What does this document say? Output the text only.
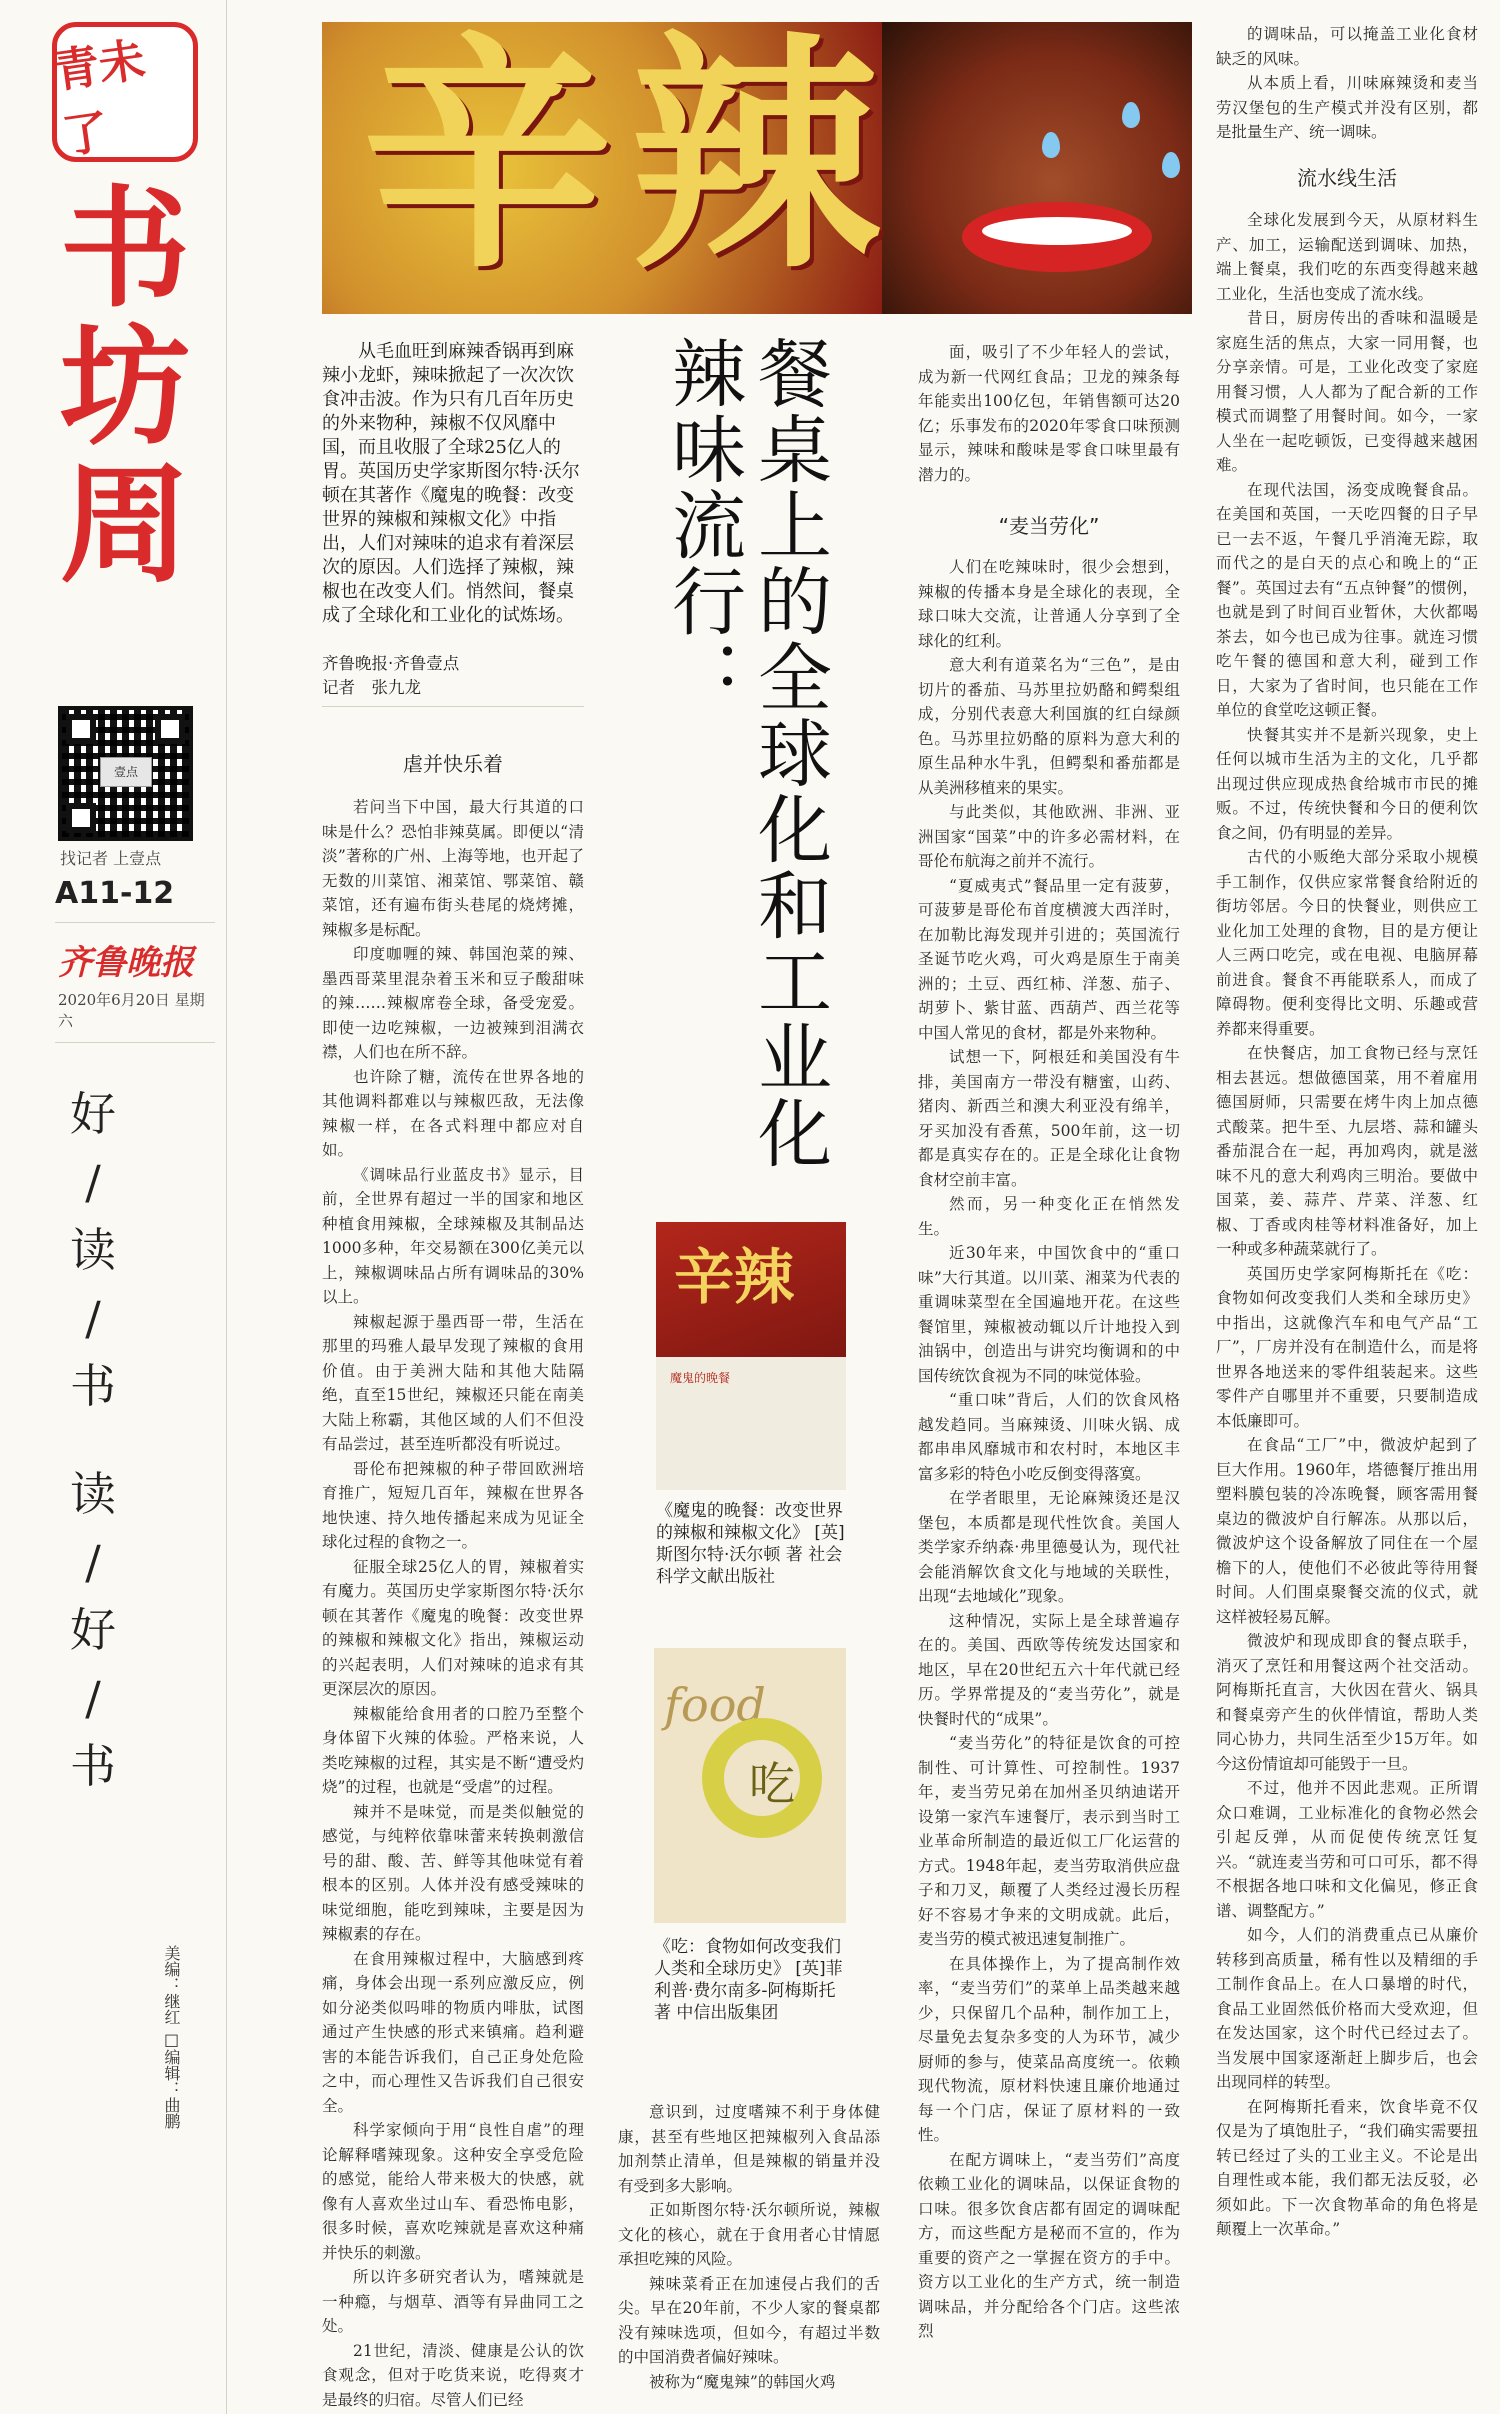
青未了
书
坊
周
壹点
找记者 上壹点
A11-12
齐鲁晚报
2020年6月20日 星期六
好
/
读
/
书
读
/
好
/
书
美编：继红 □编辑：曲鹏
辛辣

从毛血旺到麻辣香锅再到麻辣小龙虾，辣味掀起了一次次饮食冲击波。作为只有几百年历史的外来物种，辣椒不仅风靡中国，而且收服了全球25亿人的胃。英国历史学家斯图尔特·沃尔顿在其著作《魔鬼的晚餐：改变世界的辣椒和辣椒文化》中指出，人们对辣味的追求有着深层次的原因。人们选择了辣椒，辣椒也在改变人们。悄然间，餐桌成了全球化和工业化的试炼场。

齐鲁晚报·齐鲁壹点
记者　张九龙	餐桌上的全球化和工业化
辣味流行：
虐并快乐着

若问当下中国，最大行其道的口味是什么？恐怕非辣莫属。即便以“清淡”著称的广州、上海等地，也开起了无数的川菜馆、湘菜馆、鄂菜馆、赣菜馆，还有遍布街头巷尾的烧烤摊，辣椒多是标配。

印度咖喱的辣、韩国泡菜的辣、墨西哥菜里混杂着玉米和豆子酸甜味的辣……辣椒席卷全球，备受宠爱。即使一边吃辣椒，一边被辣到泪满衣襟，人们也在所不辞。

也许除了糖，流传在世界各地的其他调料都难以与辣椒匹敌，无法像辣椒一样，在各式料理中都应对自如。

《调味品行业蓝皮书》显示，目前，全世界有超过一半的国家和地区种植食用辣椒，全球辣椒及其制品达1000多种，年交易额在300亿美元以上，辣椒调味品占所有调味品的30%以上。

辣椒起源于墨西哥一带，生活在那里的玛雅人最早发现了辣椒的食用价值。由于美洲大陆和其他大陆隔绝，直至15世纪，辣椒还只能在南美大陆上称霸，其他区域的人们不但没有品尝过，甚至连听都没有听说过。

哥伦布把辣椒的种子带回欧洲培育推广，短短几百年，辣椒在世界各地快速、持久地传播起来成为见证全球化过程的食物之一。

征服全球25亿人的胃，辣椒着实有魔力。英国历史学家斯图尔特·沃尔顿在其著作《魔鬼的晚餐：改变世界的辣椒和辣椒文化》指出，辣椒运动的兴起表明，人们对辣味的追求有其更深层次的原因。

辣椒能给食用者的口腔乃至整个身体留下火辣的体验。严格来说，人类吃辣椒的过程，其实是不断“遭受灼烧”的过程，也就是“受虐”的过程。

辣并不是味觉，而是类似触觉的感觉，与纯粹依靠味蕾来转换刺激信号的甜、酸、苦、鲜等其他味觉有着根本的区别。人体并没有感受辣味的味觉细胞，能吃到辣味，主要是因为辣椒素的存在。

在食用辣椒过程中，大脑感到疼痛，身体会出现一系列应激反应，例如分泌类似吗啡的物质内啡肽，试图通过产生快感的形式来镇痛。趋利避害的本能告诉我们，自己正身处危险之中，而心理性又告诉我们自己很安全。

科学家倾向于用“良性自虐”的理论解释嗜辣现象。这种安全享受危险的感觉，能给人带来极大的快感，就像有人喜欢坐过山车、看恐怖电影，很多时候，喜欢吃辣就是喜欢这种痛并快乐的刺激。

所以许多研究者认为，嗜辣就是一种瘾，与烟草、酒等有异曲同工之处。

21世纪，清淡、健康是公认的饮食观念，但对于吃货来说，吃得爽才是最终的归宿。尽管人们已经

辛辣
魔鬼的晚餐
《魔鬼的晚餐：改变世界的辣椒和辣椒文化》 [英]斯图尔特·沃尔顿 著 社会科学文献出版社
food
吃
《吃：食物如何改变我们人类和全球历史》 [英]菲利普·费尔南多-阿梅斯托 著 中信出版集团

意识到，过度嗜辣不利于身体健康，甚至有些地区把辣椒列入食品添加剂禁止清单，但是辣椒的销量并没有受到多大影响。

正如斯图尔特·沃尔顿所说，辣椒文化的核心，就在于食用者心甘情愿承担吃辣的风险。

辣味菜肴正在加速侵占我们的舌尖。早在20年前，不少人家的餐桌都没有辣味选项，但如今，有超过半数的中国消费者偏好辣味。

被称为“魔鬼辣”的韩国火鸡

面，吸引了不少年轻人的尝试，成为新一代网红食品；卫龙的辣条每年能卖出100亿包，年销售额可达20亿；乐事发布的2020年零食口味预测显示，辣味和酸味是零食口味里最有潜力的。

“麦当劳化”

人们在吃辣味时，很少会想到，辣椒的传播本身是全球化的表现，全球口味大交流，让普通人分享到了全球化的红利。

意大利有道菜名为“三色”，是由切片的番茄、马苏里拉奶酪和鳄梨组成，分别代表意大利国旗的红白绿颜色。马苏里拉奶酪的原料为意大利的原生品种水牛乳，但鳄梨和番茄都是从美洲移植来的果实。

与此类似，其他欧洲、非洲、亚洲国家“国菜”中的许多必需材料，在哥伦布航海之前并不流行。

“夏威夷式”餐品里一定有菠萝，可菠萝是哥伦布首度横渡大西洋时，在加勒比海发现并引进的；英国流行圣诞节吃火鸡，可火鸡是原生于南美洲的；土豆、西红柿、洋葱、茄子、胡萝卜、紫甘蓝、西葫芦、西兰花等中国人常见的食材，都是外来物种。

试想一下，阿根廷和美国没有牛排，美国南方一带没有糖蜜，山药、猪肉、新西兰和澳大利亚没有绵羊，牙买加没有香蕉，500年前，这一切都是真实存在的。正是全球化让食物食材空前丰富。

然而，另一种变化正在悄然发生。

近30年来，中国饮食中的“重口味”大行其道。以川菜、湘菜为代表的重调味菜型在全国遍地开花。在这些餐馆里，辣椒被动辄以斤计地投入到油锅中，创造出与讲究均衡调和的中国传统饮食视为不同的味觉体验。

“重口味”背后，人们的饮食风格越发趋同。当麻辣烫、川味火锅、成都串串风靡城市和农村时，本地区丰富多彩的特色小吃反倒变得落寞。

在学者眼里，无论麻辣烫还是汉堡包，本质都是现代性饮食。美国人类学家乔纳森·弗里德曼认为，现代社会能消解饮食文化与地域的关联性，出现“去地域化”现象。

这种情况，实际上是全球普遍存在的。美国、西欧等传统发达国家和地区，早在20世纪五六十年代就已经历。学界常提及的“麦当劳化”，就是快餐时代的“成果”。

“麦当劳化”的特征是饮食的可控制性、可计算性、可控制性。1937年，麦当劳兄弟在加州圣贝纳迪诺开设第一家汽车速餐厅，表示到当时工业革命所制造的最近似工厂化运营的方式。1948年起，麦当劳取消供应盘子和刀叉，颠覆了人类经过漫长历程好不容易才争来的文明成就。此后，麦当劳的模式被迅速复制推广。

在具体操作上，为了提高制作效率，“麦当劳们”的菜单上品类越来越少，只保留几个品种，制作加工上，尽量免去复杂多变的人为环节，减少厨师的参与，使菜品高度统一。依赖现代物流，原材料快速且廉价地通过每一个门店，保证了原材料的一致性。

在配方调味上，“麦当劳们”高度依赖工业化的调味品，以保证食物的口味。很多饮食店都有固定的调味配方，而这些配方是秘而不宣的，作为重要的资产之一掌握在资方的手中。资方以工业化的生产方式，统一制造调味品，并分配给各个门店。这些浓烈

的调味品，可以掩盖工业化食材缺乏的风味。

从本质上看，川味麻辣烫和麦当劳汉堡包的生产模式并没有区别，都是批量生产、统一调味。

流水线生活

全球化发展到今天，从原材料生产、加工，运输配送到调味、加热，端上餐桌，我们吃的东西变得越来越工业化，生活也变成了流水线。

昔日，厨房传出的香味和温暖是家庭生活的焦点，大家一同用餐，也分享亲情。可是，工业化改变了家庭用餐习惯，人人都为了配合新的工作模式而调整了用餐时间。如今，一家人坐在一起吃顿饭，已变得越来越困难。

在现代法国，汤变成晚餐食品。在美国和英国，一天吃四餐的日子早已一去不返，午餐几乎消淹无踪，取而代之的是白天的点心和晚上的“正餐”。英国过去有“五点钟餐”的惯例，也就是到了时间百业暂休，大伙都喝茶去，如今也已成为往事。就连习惯吃午餐的德国和意大利，碰到工作日，大家为了省时间，也只能在工作单位的食堂吃这顿正餐。

快餐其实并不是新兴现象，史上任何以城市生活为主的文化，几乎都出现过供应现成热食给城市市民的摊贩。不过，传统快餐和今日的便利饮食之间，仍有明显的差异。

古代的小贩绝大部分采取小规模手工制作，仅供应家常餐食给附近的街坊邻居。今日的快餐业，则供应工业化加工处理的食物，目的是方便让人三两口吃完，或在电视、电脑屏幕前进食。餐食不再能联系人，而成了障碍物。便利变得比文明、乐趣或营养都来得重要。

在快餐店，加工食物已经与烹饪相去甚远。想做德国菜，用不着雇用德国厨师，只需要在烤牛肉上加点德式酸菜。把牛至、九层塔、蒜和罐头番茄混合在一起，再加鸡肉，就是滋味不凡的意大利鸡肉三明治。要做中国菜，姜、蒜芹、芹菜、洋葱、红椒、丁香或肉桂等材料准备好，加上一种或多种蔬菜就行了。

英国历史学家阿梅斯托在《吃：食物如何改变我们人类和全球历史》中指出，这就像汽车和电气产品“工厂”，厂房并没有在制造什么，而是将世界各地送来的零件组装起来。这些零件产自哪里并不重要，只要制造成本低廉即可。

在食品“工厂”中，微波炉起到了巨大作用。1960年，塔德餐厅推出用塑料膜包装的冷冻晚餐，顾客需用餐桌边的微波炉自行解冻。从那以后，微波炉这个设备解放了同住在一个屋檐下的人，使他们不必彼此等待用餐时间。人们围桌聚餐交流的仪式，就这样被轻易瓦解。

微波炉和现成即食的餐点联手，消灭了烹饪和用餐这两个社交活动。阿梅斯托直言，大伙因在营火、锅具和餐桌旁产生的伙伴情谊，帮助人类同心协力，共同生活至少15万年。如今这份情谊却可能毁于一旦。

不过，他并不因此悲观。正所谓众口难调，工业标准化的食物必然会引起反弹，从而促使传统烹饪复兴。“就连麦当劳和可口可乐，都不得不根据各地口味和文化偏见，修正食谱、调整配方。”

如今，人们的消费重点已从廉价转移到高质量，稀有性以及精细的手工制作食品上。在人口暴增的时代，食品工业固然低价格而大受欢迎，但在发达国家，这个时代已经过去了。当发展中国家逐渐赶上脚步后，也会出现同样的转型。

在阿梅斯托看来，饮食毕竟不仅仅是为了填饱肚子，“我们确实需要扭转已经过了头的工业主义。不论是出自理性或本能，我们都无法反驳，必须如此。下一次食物革命的角色将是颠覆上一次革命。”
